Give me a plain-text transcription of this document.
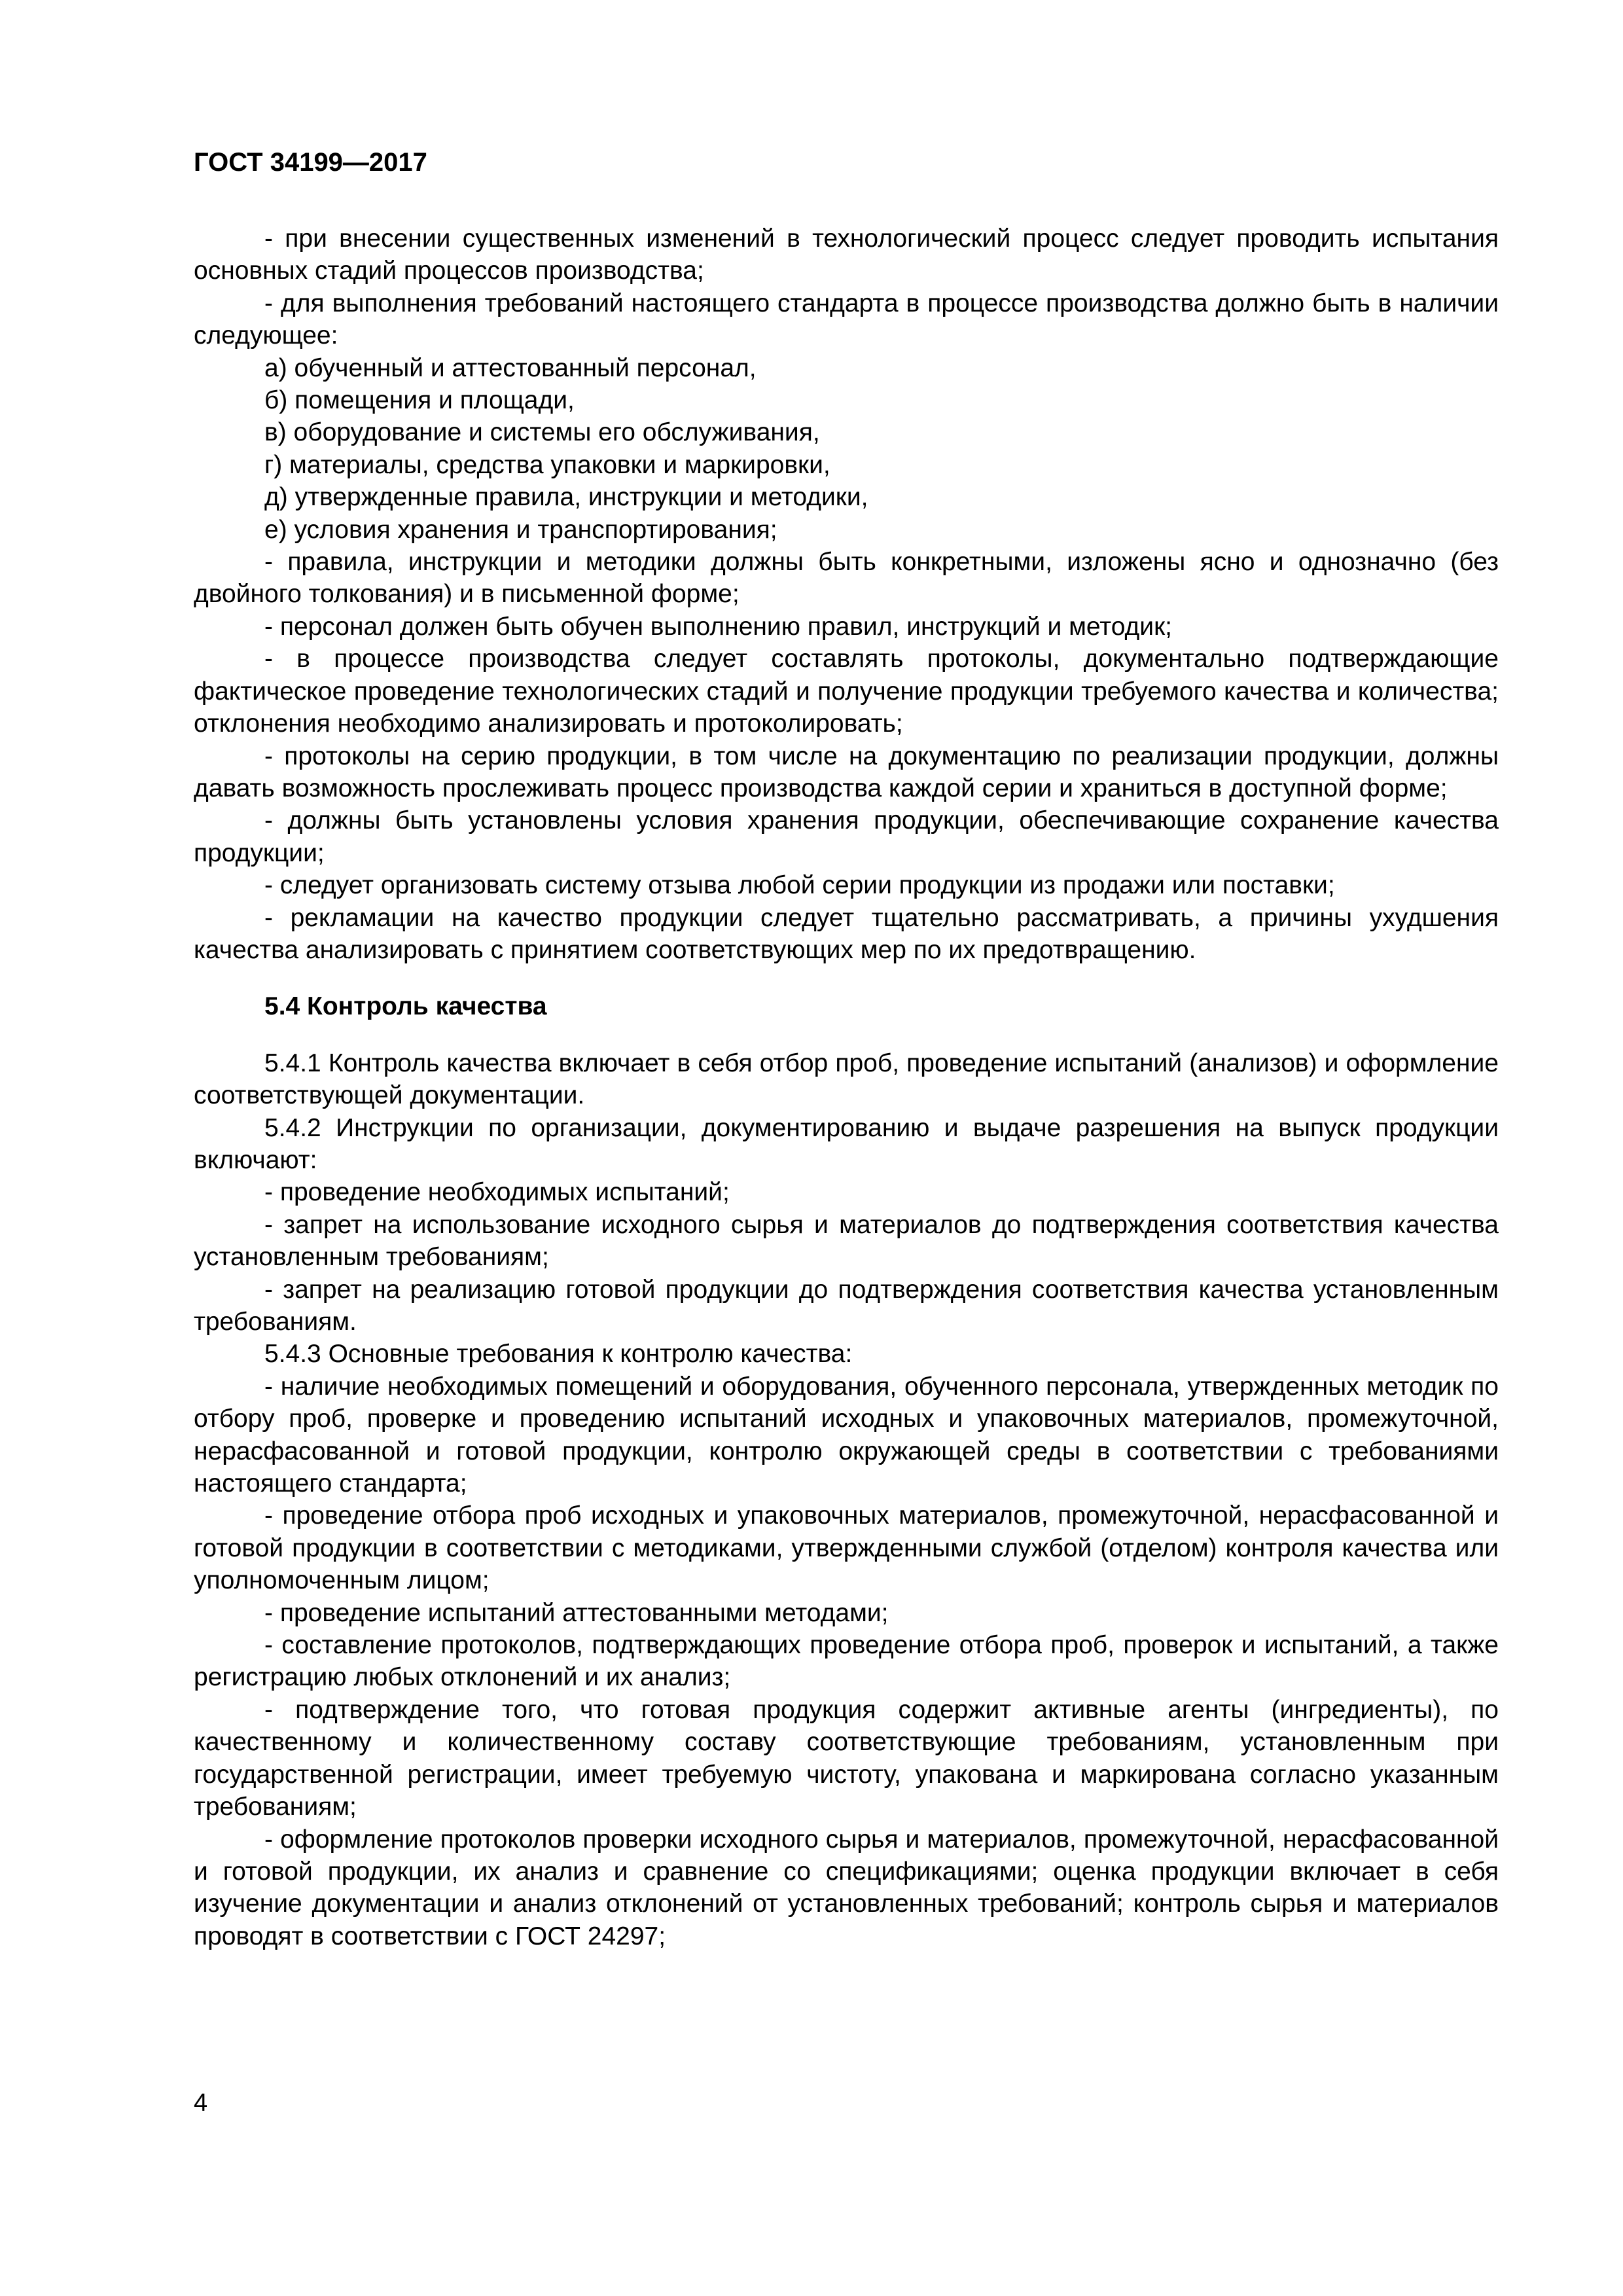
ГОСТ 34199—2017

- при внесении существенных изменений в технологический процесс следует проводить испытания основных стадий процессов производства;

- для выполнения требований настоящего стандарта в процессе производства должно быть в наличии следующее:

а) обученный и аттестованный персонал,

б) помещения и площади,

в) оборудование и системы его обслуживания,

г) материалы, средства упаковки и маркировки,

д) утвержденные правила, инструкции и методики,

е) условия хранения и транспортирования;

- правила, инструкции и методики должны быть конкретными, изложены ясно и однозначно (без двойного толкования) и в письменной форме;

- персонал должен быть обучен выполнению правил, инструкций и методик;

- в процессе производства следует составлять протоколы, документально подтверждающие фактическое проведение технологических стадий и получение продукции требуемого качества и количества; отклонения необходимо анализировать и протоколировать;

- протоколы на серию продукции, в том числе на документацию по реализации продукции, должны давать возможность прослеживать процесс производства каждой серии и храниться в доступной форме;

- должны быть установлены условия хранения продукции, обеспечивающие сохранение качества продукции;

- следует организовать систему отзыва любой серии продукции из продажи или поставки;

- рекламации на качество продукции следует тщательно рассматривать, а причины ухудшения качества анализировать с принятием соответствующих мер по их предотвращению.

5.4 Контроль качества

5.4.1 Контроль качества включает в себя отбор проб, проведение испытаний (анализов) и оформление соответствующей документации.

5.4.2 Инструкции по организации, документированию и выдаче разрешения на выпуск продукции включают:

- проведение необходимых испытаний;

- запрет на использование исходного сырья и материалов до подтверждения соответствия качества установленным требованиям;

- запрет на реализацию готовой продукции до подтверждения соответствия качества установленным требованиям.

5.4.3 Основные требования к контролю качества:

- наличие необходимых помещений и оборудования, обученного персонала, утвержденных методик по отбору проб, проверке и проведению испытаний исходных и упаковочных материалов, промежуточной, нерасфасованной и готовой продукции, контролю окружающей среды в соответствии с требованиями настоящего стандарта;

- проведение отбора проб исходных и упаковочных материалов, промежуточной, нерасфасованной и готовой продукции в соответствии с методиками, утвержденными службой (отделом) контроля качества или уполномоченным лицом;

- проведение испытаний аттестованными методами;

- составление протоколов, подтверждающих проведение отбора проб, проверок и испытаний, а также регистрацию любых отклонений и их анализ;

- подтверждение того, что готовая продукция содержит активные агенты (ингредиенты), по качественному и количественному составу соответствующие требованиям, установленным при государственной регистрации, имеет требуемую чистоту, упакована и маркирована согласно указанным требованиям;

- оформление протоколов проверки исходного сырья и материалов, промежуточной, нерасфасованной и готовой продукции, их анализ и сравнение со спецификациями; оценка продукции включает в себя изучение документации и анализ отклонений от установленных требований; контроль сырья и материалов проводят в соответствии с ГОСТ 24297;

4
